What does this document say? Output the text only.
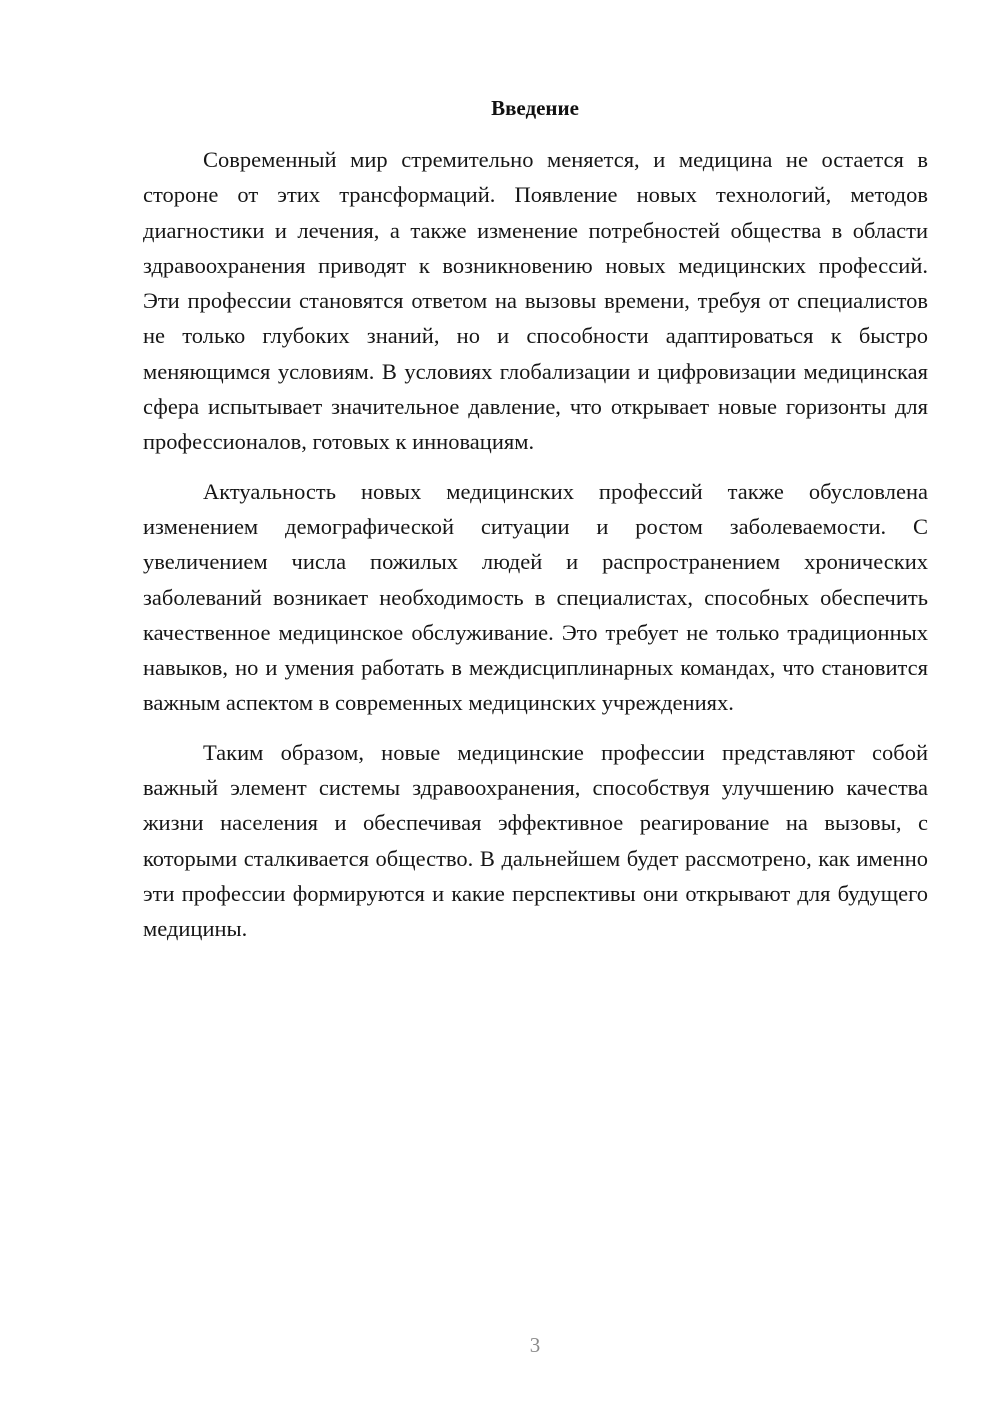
Введение

Современный мир стремительно меняется, и медицина не остается в стороне от этих трансформаций. Появление новых технологий, методов диагностики и лечения, а также изменение потребностей общества в области здравоохранения приводят к возникновению новых медицинских профессий. Эти профессии становятся ответом на вызовы времени, требуя от специалистов не только глубоких знаний, но и способности адаптироваться к быстро меняющимся условиям. В условиях глобализации и цифровизации медицинская сфера испытывает значительное давление, что открывает новые горизонты для профессионалов, готовых к инновациям.

Актуальность новых медицинских профессий также обусловлена изменением демографической ситуации и ростом заболеваемости. С увеличением числа пожилых людей и распространением хронических заболеваний возникает необходимость в специалистах, способных обеспечить качественное медицинское обслуживание. Это требует не только традиционных навыков, но и умения работать в междисциплинарных командах, что становится важным аспектом в современных медицинских учреждениях.

Таким образом, новые медицинские профессии представляют собой важный элемент системы здравоохранения, способствуя улучшению качества жизни населения и обеспечивая эффективное реагирование на вызовы, с которыми сталкивается общество. В дальнейшем будет рассмотрено, как именно эти профессии формируются и какие перспективы они открывают для будущего медицины.

3
